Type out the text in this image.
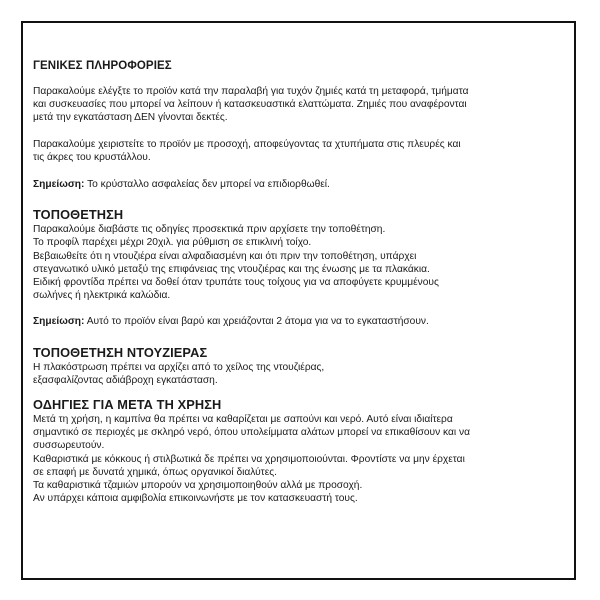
ΓΕΝΙΚΕΣ ΠΛΗΡΟΦΟΡΙΕΣ

Παρακαλούμε ελέγξτε το προϊόν κατά την παραλαβή για τυχόν ζημιές κατά τη μεταφορά, τμήματα
και συσκευασίες που μπορεί να λείπουν ή κατασκευαστικά ελαττώματα. Ζημιές που αναφέρονται
μετά την εγκατάσταση ΔΕΝ γίνονται δεκτές.

Παρακαλούμε χειριστείτε το προϊόν με προσοχή, αποφεύγοντας τα χτυπήματα στις πλευρές και
τις άκρες του κρυστάλλου.

Σημείωση: Το κρύσταλλο ασφαλείας δεν μπορεί να επιδιορθωθεί.

ΤΟΠΟΘΕΤΗΣΗ

Παρακαλούμε διαβάστε τις οδηγίες προσεκτικά πριν αρχίσετε την τοποθέτηση.
Το προφίλ παρέχει μέχρι 20χιλ. για ρύθμιση σε επικλινή τοίχο.
Βεβαιωθείτε ότι η ντουζιέρα είναι αλφαδιασμένη και ότι πριν την τοποθέτηση, υπάρχει
στεγανωτικό υλικό μεταξύ της επιφάνειας της ντουζιέρας και της ένωσης με τα πλακάκια.
Ειδική φροντίδα πρέπει να δοθεί όταν τρυπάτε τους τοίχους για να αποφύγετε κρυμμένους
σωλήνες ή ηλεκτρικά καλώδια.

Σημείωση: Αυτό το προϊόν είναι βαρύ και χρειάζονται 2 άτομα για να το εγκαταστήσουν.

ΤΟΠΟΘΕΤΗΣΗ ΝΤΟΥΖΙΕΡΑΣ

Η πλακόστρωση πρέπει να αρχίζει από το χείλος της ντουζιέρας,
εξασφαλίζοντας αδιάβροχη εγκατάσταση.

ΟΔΗΓΙΕΣ ΓΙΑ ΜΕΤΑ ΤΗ ΧΡΗΣΗ

Μετά τη χρήση, η καμπίνα θα πρέπει να καθαρίζεται με σαπούνι και νερό. Αυτό είναι ιδιαίτερα
σημαντικό σε περιοχές με σκληρό νερό, όπου υπολείμματα αλάτων μπορεί να επικαθίσουν και να
συσσωρευτούν.
Καθαριστικά με κόκκους ή στιλβωτικά δε πρέπει να χρησιμοποιούνται. Φροντίστε να μην έρχεται
σε επαφή με δυνατά χημικά, όπως οργανικοί διαλύτες.
Τα καθαριστικά τζαμιών μπορούν να χρησιμοποιηθούν αλλά με προσοχή.
Αν υπάρχει κάποια αμφιβολία επικοινωνήστε με τον κατασκευαστή τους.
